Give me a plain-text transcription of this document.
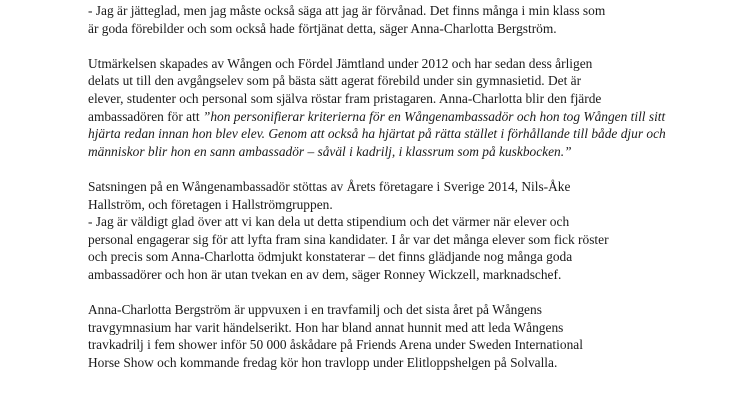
- Jag är jätteglad, men jag måste också säga att jag är förvånad. Det finns många i min klass som
är goda förebilder och som också hade förtjänat detta, säger Anna-Charlotta Bergström.
Utmärkelsen skapades av Wången och Fördel Jämtland under 2012 och har sedan dess årligen
delats ut till den avgångselev som på bästa sätt agerat förebild under sin gymnasietid. Det är
elever, studenter och personal som själva röstar fram pristagaren. Anna-Charlotta blir den fjärde
ambassadören för att ”hon personifierar kriterierna för en Wångenambassadör och hon tog Wången till sitt
hjärta redan innan hon blev elev. Genom att också ha hjärtat på rätta stället i förhållande till både djur och
människor blir hon en sann ambassadör – såväl i kadrilj, i klassrum som på kuskbocken.”
Satsningen på en Wångenambassadör stöttas av Årets företagare i Sverige 2014, Nils-Åke
Hallström, och företagen i Hallströmgruppen.
- Jag är väldigt glad över att vi kan dela ut detta stipendium och det värmer när elever och
personal engagerar sig för att lyfta fram sina kandidater. I år var det många elever som fick röster
och precis som Anna-Charlotta ödmjukt konstaterar – det finns glädjande nog många goda
ambassadörer och hon är utan tvekan en av dem, säger Ronney Wickzell, marknadschef.
Anna-Charlotta Bergström är uppvuxen i en travfamilj och det sista året på Wångens
travgymnasium har varit händelserikt. Hon har bland annat hunnit med att leda Wångens
travkadrilj i fem shower inför 50 000 åskådare på Friends Arena under Sweden International
Horse Show och kommande fredag kör hon travlopp under Elitloppshelgen på Solvalla.
